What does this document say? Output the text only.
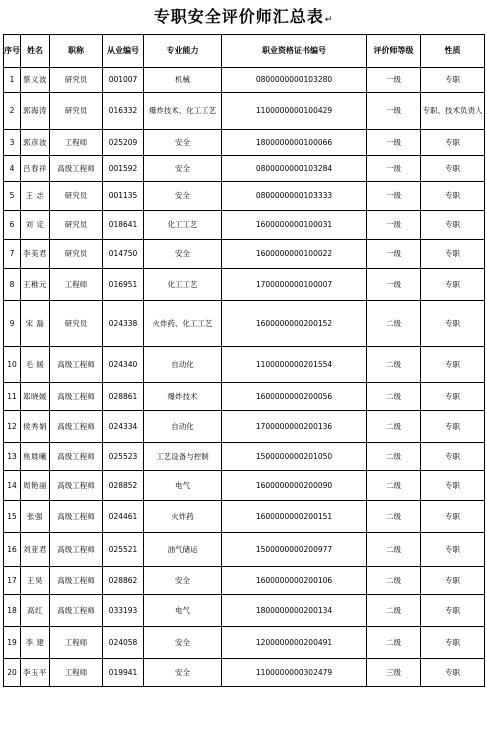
专职安全评价师汇总表↵
序号	姓名	职称	从业编号	专业能力	职业资格证书编号	评价师等级	性质
1	蔡义波	研究员	001007	机械	0800000000103280	一级	专职
2	郭海涛	研究员	016332	爆炸技术、化工工艺	1100000000100429	一级	专职、技术负责人
3	郭彦波	工程师	025209	安全	1800000000100066	一级	专职
4	吕春祥	高级工程师	001592	安全	0800000000103284	一级	专职
5	王 志	研究员	001135	安全	0800000000103333	一级	专职
6	刘 定	研究员	018641	化工工艺	1600000000100031	一级	专职
7	李美君	研究员	014750	安全	1600000000100022	一级	专职
8	王稚元	工程师	016951	化工工艺	1700000000100007	一级	专职
9	宋 磊	研究员	024338	火炸药、化工工艺	1600000000200152	二级	专职
10	毛 媛	高级工程师	024340	自动化	1100000000201554	二级	专职
11	郑晓媛	高级工程师	028861	爆炸技术	1600000000200056	二级	专职
12	侯秀娟	高级工程师	024334	自动化	1700000000200136	二级	专职
13	焦晨曦	高级工程师	025523	工艺设备与控制	1500000000201050	二级	专职
14	周艳丽	高级工程师	028852	电气	1600000000200090	二级	专职
15	张强	高级工程师	024461	火炸药	1600000000200151	二级	专职
16	刘亚君	高级工程师	025521	油气储运	1500000000200977	二级	专职
17	王昊	高级工程师	028862	安全	1600000000200106	二级	专职
18	高红	高级工程师	033193	电气	1800000000200134	二级	专职
19	李 建	工程师	024058	安全	1200000000200491	二级	专职
20	李玉平	工程师	019941	安全	1100000000302479	三级	专职
